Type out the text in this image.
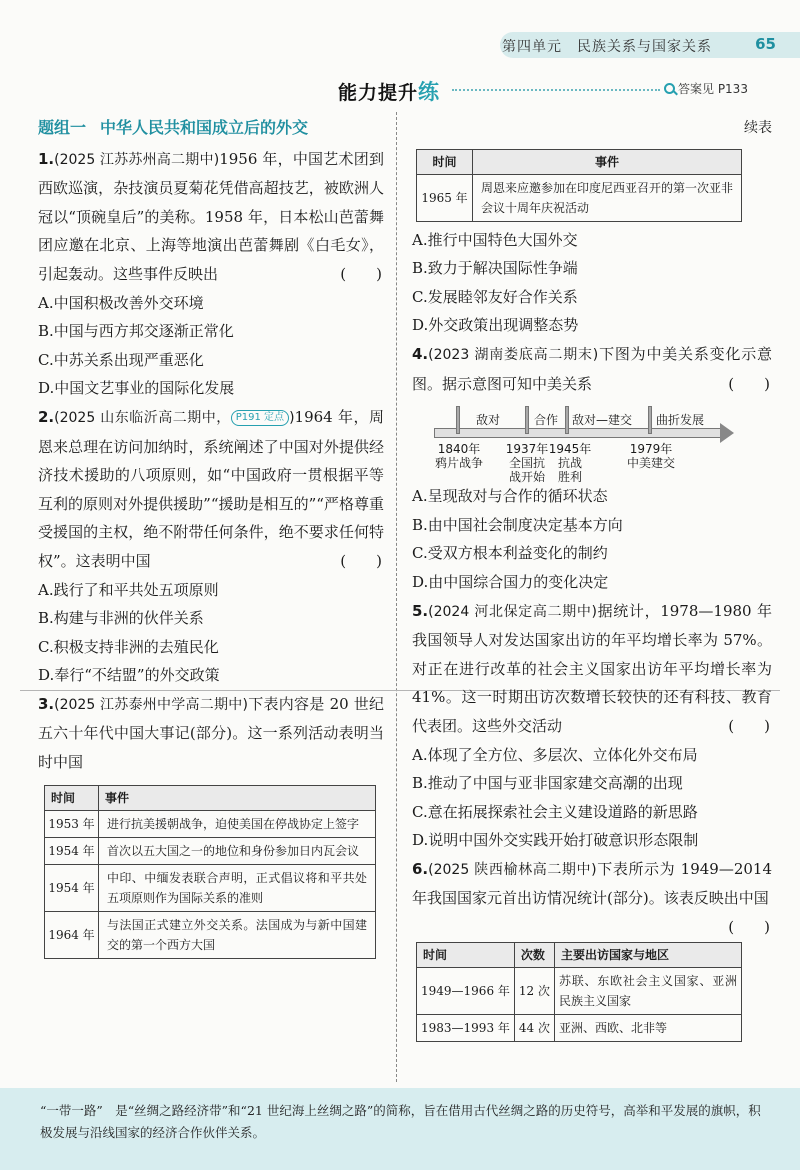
第四单元　民族关系与国家关系	65
能力提升练	答案见 P133
题组一 中华人民共和国成立后的外交
1.(2025 江苏苏州高二期中)1956 年，中国艺术团到西欧巡演，杂技演员夏菊花凭借高超技艺，被欧洲人冠以“顶碗皇后”的美称。1958 年，日本松山芭蕾舞团应邀在北京、上海等地演出芭蕾舞剧《白毛女》，引起轰动。这些事件反映出	(　　)
A.中国积极改善外交环境
B.中国与西方邦交逐渐正常化
C.中苏关系出现严重恶化
D.中国文艺事业的国际化发展
2.(2025 山东临沂高二期中， P191 定点 )1964 年，周恩来总理在访问加纳时，系统阐述了中国对外提供经济技术援助的八项原则，如“中国政府一贯根据平等互利的原则对外提供援助”“援助是相互的”“严格尊重受援国的主权，绝不附带任何条件，绝不要求任何特权”。这表明中国	(　　)
A.践行了和平共处五项原则
B.构建与非洲的伙伴关系
C.积极支持非洲的去殖民化
D.奉行“不结盟”的外交政策
3.(2025 江苏泰州中学高二期中)下表内容是 20 世纪五六十年代中国大事记(部分)。这一系列活动表明当时中国
时间	事件
1953 年	进行抗美援朝战争，迫使美国在停战协定上签字
1954 年	首次以五大国之一的地位和身份参加日内瓦会议
1954 年	中印、中缅发表联合声明，正式倡议将和平共处五项原则作为国际关系的准则
1964 年	与法国正式建立外交关系。法国成为与新中国建交的第一个西方大国
续表
时间	事件
1965 年	周恩来应邀参加在印度尼西亚召开的第一次亚非会议十周年庆祝活动
A.推行中国特色大国外交
B.致力于解决国际性争端
C.发展睦邻友好合作关系
D.外交政策出现调整态势
4.(2023 湖南娄底高二期末)下图为中美关系变化示意图。据示意图可知中美关系	(　　)
敌对	合作 敌对—建交 曲折发展
1840年
鸦片战争
1937年
全国抗战开始
1945年
抗战胜利
1979年
中美建交
A.呈现敌对与合作的循环状态
B.由中国社会制度决定基本方向
C.受双方根本利益变化的制约
D.由中国综合国力的变化决定
5.(2024 河北保定高二期中)据统计，1978—1980 年我国领导人对发达国家出访的年平均增长率为 57%。对正在进行改革的社会主义国家出访年平均增长率为 41%。这一时期出访次数增长较快的还有科技、教育代表团。这些外交活动	(　　)
A.体现了全方位、多层次、立体化外交布局
B.推动了中国与亚非国家建交高潮的出现
C.意在拓展探索社会主义建设道路的新思路
D.说明中国外交实践开始打破意识形态限制
6.(2025 陕西榆林高二期中)下表所示为 1949—2014 年我国国家元首出访情况统计(部分)。该表反映出中国
(　　)
时间	次数	主要出访国家与地区
1949—1966 年	12 次	苏联、东欧社会主义国家、亚洲民族主义国家
1983—1993 年	44 次	亚洲、西欧、北非等
“一带一路”　是“丝绸之路经济带”和“21 世纪海上丝绸之路”的简称，旨在借用古代丝绸之路的历史符号，高举和平发展的旗帜，积极发展与沿线国家的经济合作伙伴关系。
